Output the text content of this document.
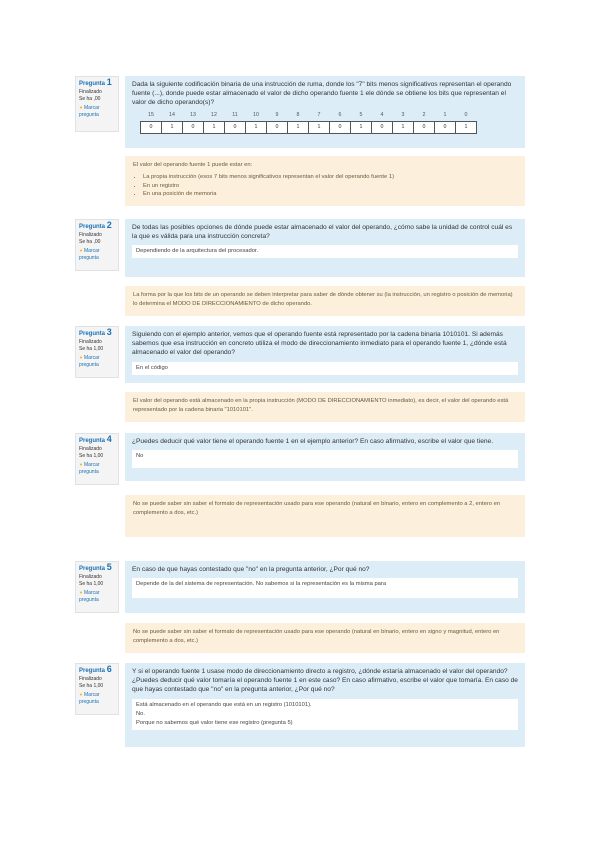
Pregunta 1
Finalizado
Se ha ,00
▼ Marcar pregunta
Dada la siguiente codificación binaria de una instrucción de ruma, donde los "7" bits menos significativos representan el operando fuente (...), donde puede estar almacenado el valor de dicho operando fuente 1 ele dónde se obtiene los bits que representan el valor de dicho operando(s)?
15	14	13	12	11	10	9	8	7	6	5	4	3	2	1	0
0	1	0	1	0	1	0	1	1	0	1	0	1	0	0	1
El valor del operando fuente 1 puede estar en:
• La propia instrucción (esos 7 bits menos significativos representan el valor del operando fuente 1)
• En un registro
• En una posición de memoria
Pregunta 2
Finalizado
Se ha ,00
▼ Marcar pregunta
De todas las posibles opciones de dónde puede estar almacenado el valor del operando, ¿cómo sabe la unidad de control cuál es la que es válida para una instrucción concreta?
Dependiendo de la arquitectura del procesador.
La forma por la que los bits de un operando se deben interpretar para saber de dónde obtener su (la instrucción, un registro o posición de memoria) lo determina el MODO DE DIRECCIONAMIENTO de dicho operando.
Pregunta 3
Finalizado
Se ha 1,00
▼ Marcar pregunta
Siguiendo con el ejemplo anterior, vemos que el operando fuente está representado por la cadena binaria 1010101. Si además sabemos que esa instrucción en concreto utiliza el modo de direccionamiento inmediato para el operando fuente 1, ¿dónde está almacenado el valor del operando?
En el código
El valor del operando está almacenado en la propia instrucción (MODO DE DIRECCIONAMIENTO inmediato), es decir, el valor del operando está representado por la cadena binaria "1010101".
Pregunta 4
Finalizado
Se ha 1,00
▼ Marcar pregunta
¿Puedes deducir qué valor tiene el operando fuente 1 en el ejemplo anterior? En caso afirmativo, escribe el valor que tiene.
No
No se puede saber sin saber el formato de representación usado para ese operando (natural en binario, entero en complemento a 2, entero en complemento a dos, etc.)
Pregunta 5
Finalizado
Se ha 1,00
▼ Marcar pregunta
En caso de que hayas contestado que "no" en la pregunta anterior, ¿Por qué no?
Depende de la del sistema de representación. No sabemos si la representación es la misma para
No se puede saber sin saber el formato de representación usado para ese operando (natural en binario, entero en signo y magnitud, entero en complemento a dos, etc.)
Pregunta 6
Finalizado
Se ha 1,00
▼ Marcar pregunta
Y si el operando fuente 1 usase modo de direccionamiento directo a registro, ¿dónde estaría almacenado el valor del operando? ¿Puedes deducir qué valor tomaría el operando fuente 1 en este caso? En caso afirmativo, escribe el valor que tomaría. En caso de que hayas contestado que "no" en la pregunta anterior, ¿Por qué no?
Está almacenado en el operando que está en un registro (1010101).
No.
Porque no sabemos qué valor tiene ese registro (pregunta 5)
